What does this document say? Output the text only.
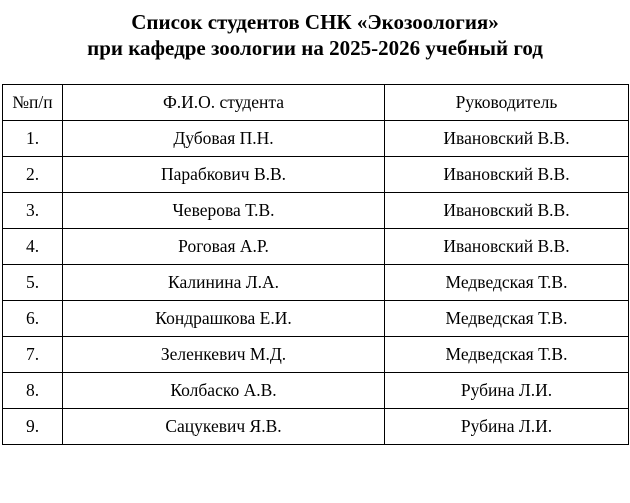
Список студентов СНК «Экозоология»
при кафедре зоологии на 2025-2026 учебный год
№п/п	Ф.И.О. студента	Руководитель
1.	Дубовая П.Н.	Ивановский В.В.
2.	Парабкович В.В.	Ивановский В.В.
3.	Чеверова Т.В.	Ивановский В.В.
4.	Роговая А.Р.	Ивановский В.В.
5.	Калинина Л.А.	Медведская Т.В.
6.	Кондрашкова Е.И.	Медведская Т.В.
7.	Зеленкевич М.Д.	Медведская Т.В.
8.	Колбаско А.В.	Рубина Л.И.
9.	Сацукевич Я.В.	Рубина Л.И.
